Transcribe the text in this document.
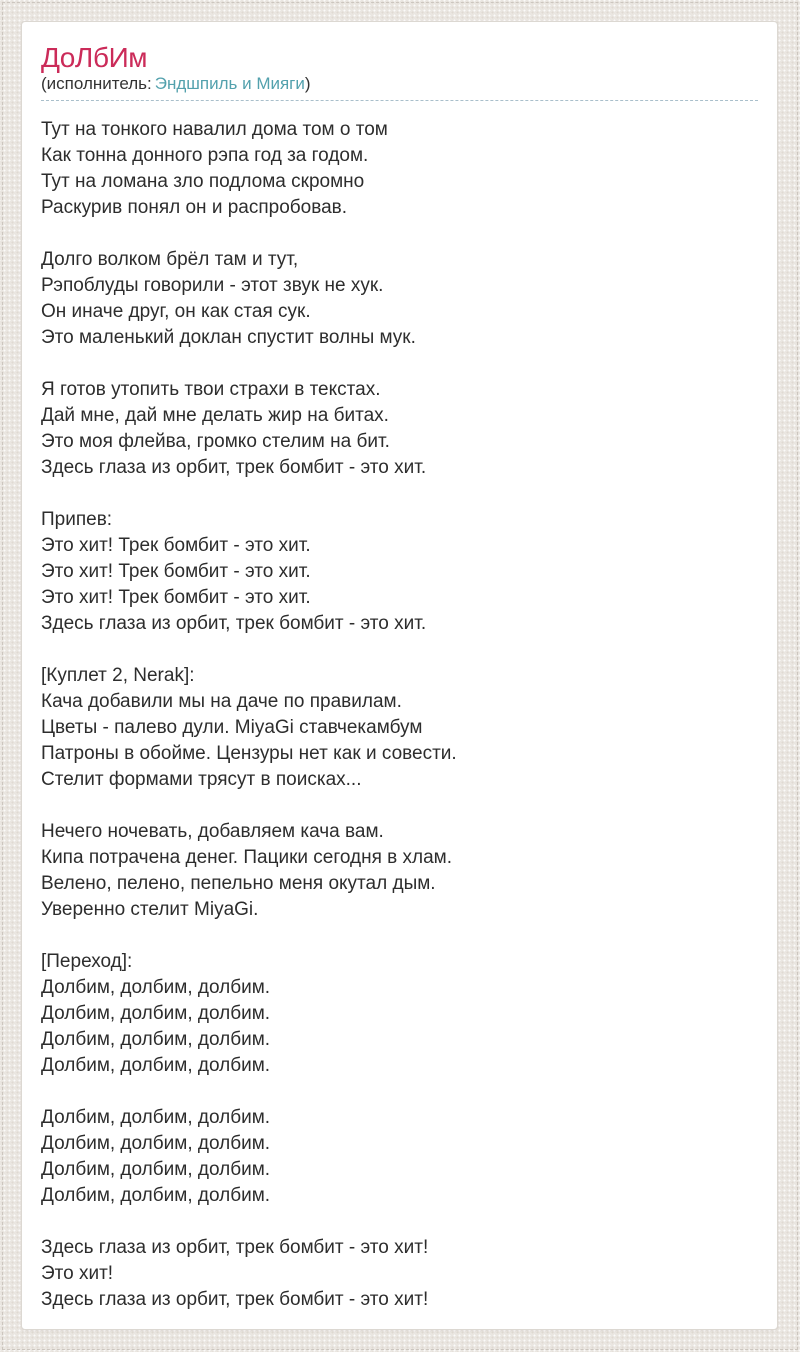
ДоЛбИм
(исполнитель: Эндшпиль и Мияги)
Тут на тонкого навалил дома том о том
Как тонна донного рэпа год за годом.
Тут на ломана зло подлома скромно
Раскурив понял он и распробовав.
Долго волком брёл там и тут,
Рэпоблуды говорили - этот звук не хук.
Он иначе друг, он как стая сук.
Это маленький доклан спустит волны мук.
Я готов утопить твои страхи в текстах.
Дай мне, дай мне делать жир на битах.
Это моя флейва, громко стелим на бит.
Здесь глаза из орбит, трек бомбит - это хит.
Припев:
Это хит! Трек бомбит - это хит.
Это хит! Трек бомбит - это хит.
Это хит! Трек бомбит - это хит.
Здесь глаза из орбит, трек бомбит - это хит.
[Куплет 2, Nerak]:
Кача добавили мы на даче по правилам.
Цветы - палево дули. MiyaGi ставчекамбум
Патроны в обойме. Цензуры нет как и совести.
Стелит формами трясут в поисках...
Нечего ночевать, добавляем кача вам.
Кипа потрачена денег. Пацики сегодня в хлам.
Велено, пелено, пепельно меня окутал дым.
Уверенно стелит MiyaGi.
[Переход]:
Долбим, долбим, долбим.
Долбим, долбим, долбим.
Долбим, долбим, долбим.
Долбим, долбим, долбим.
Долбим, долбим, долбим.
Долбим, долбим, долбим.
Долбим, долбим, долбим.
Долбим, долбим, долбим.
Здесь глаза из орбит, трек бомбит - это хит!
Это хит!
Здесь глаза из орбит, трек бомбит - это хит!
